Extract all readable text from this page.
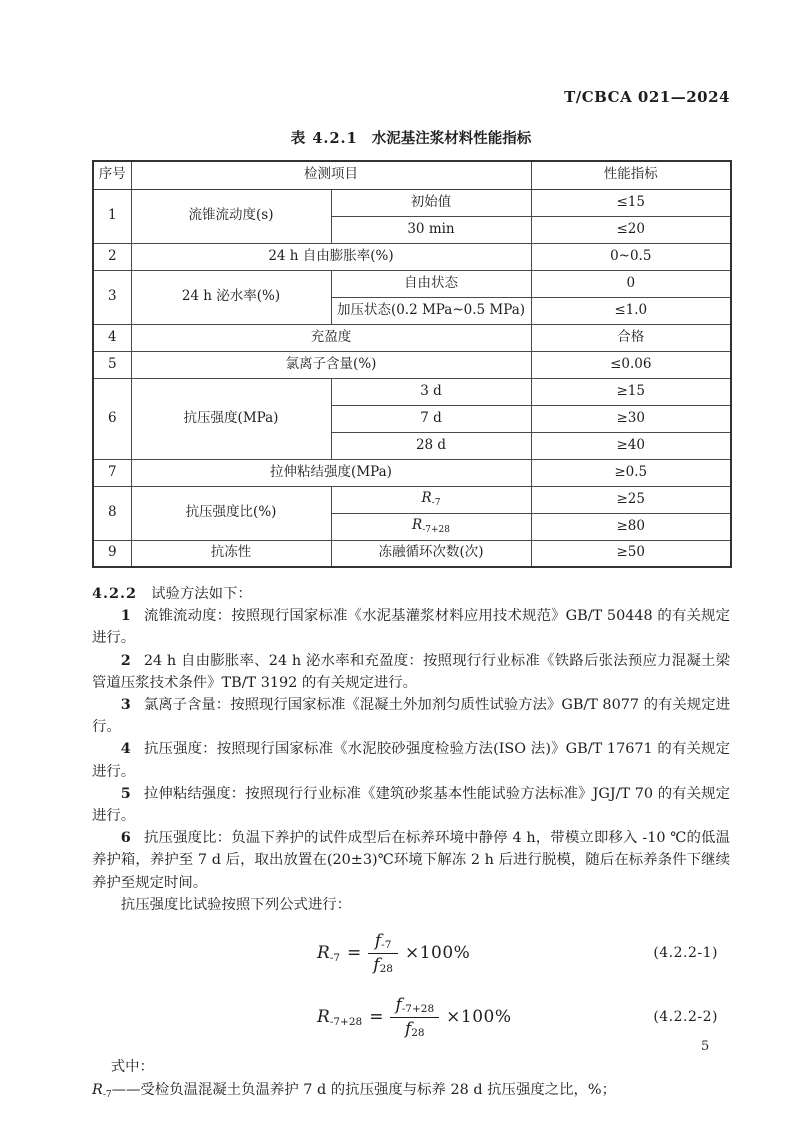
T/CBCA 021—2024
表 4.2.1 水泥基注浆材料性能指标
序号	检测项目		性能指标
1	流锥流动度(s)	初始值	≤15
		30 min	≤20
2	24 h 自由膨胀率(%)		0~0.5
3	24 h 泌水率(%)	自由状态	0
		加压状态(0.2 MPa~0.5 MPa)	≤1.0
4	充盈度		合格
5	氯离子含量(%)		≤0.06
6	抗压强度(MPa)	3 d	≥15
		7 d	≥30
		28 d	≥40
7	拉伸粘结强度(MPa)		≥0.5
8	抗压强度比(%)	$R_{-7}$	≥25
		$R_{-7+28}$	≥80
9	抗冻性	冻融循环次数(次)	≥50

4.2.2 试验方法如下：

1 流锥流动度：按照现行国家标准《水泥基灌浆材料应用技术规范》GB/T 50448 的有关规定进行。

2 24 h 自由膨胀率、24 h 泌水率和充盈度：按照现行行业标准《铁路后张法预应力混凝土梁管道压浆技术条件》TB/T 3192 的有关规定进行。

3 氯离子含量：按照现行国家标准《混凝土外加剂匀质性试验方法》GB/T 8077 的有关规定进行。

4 抗压强度：按照现行国家标准《水泥胶砂强度检验方法(ISO 法)》GB/T 17671 的有关规定进行。

5 拉伸粘结强度：按照现行行业标准《建筑砂浆基本性能试验方法标准》JGJ/T 70 的有关规定进行。

6 抗压强度比：负温下养护的试件成型后在标养环境中静停 4 h，带模立即移入 -10 ℃的低温养护箱，养护至 7 d 后，取出放置在(20±3)℃环境下解冻 2 h 后进行脱模，随后在标养条件下继续养护至规定时间。

抗压强度比试验按照下列公式进行：

$R_{-7} = \frac{f_{-7}}{f_{28}} \times 100\%$	(4.2.2-1)
$R_{-7+28} = \frac{f_{-7+28}}{f_{28}} \times 100\%$	(4.2.2-2)

式中：

$R_{-7}——$受检负温混凝土负温养护 7 d 的抗压强度与标养 28 d 抗压强度之比，%；

5
